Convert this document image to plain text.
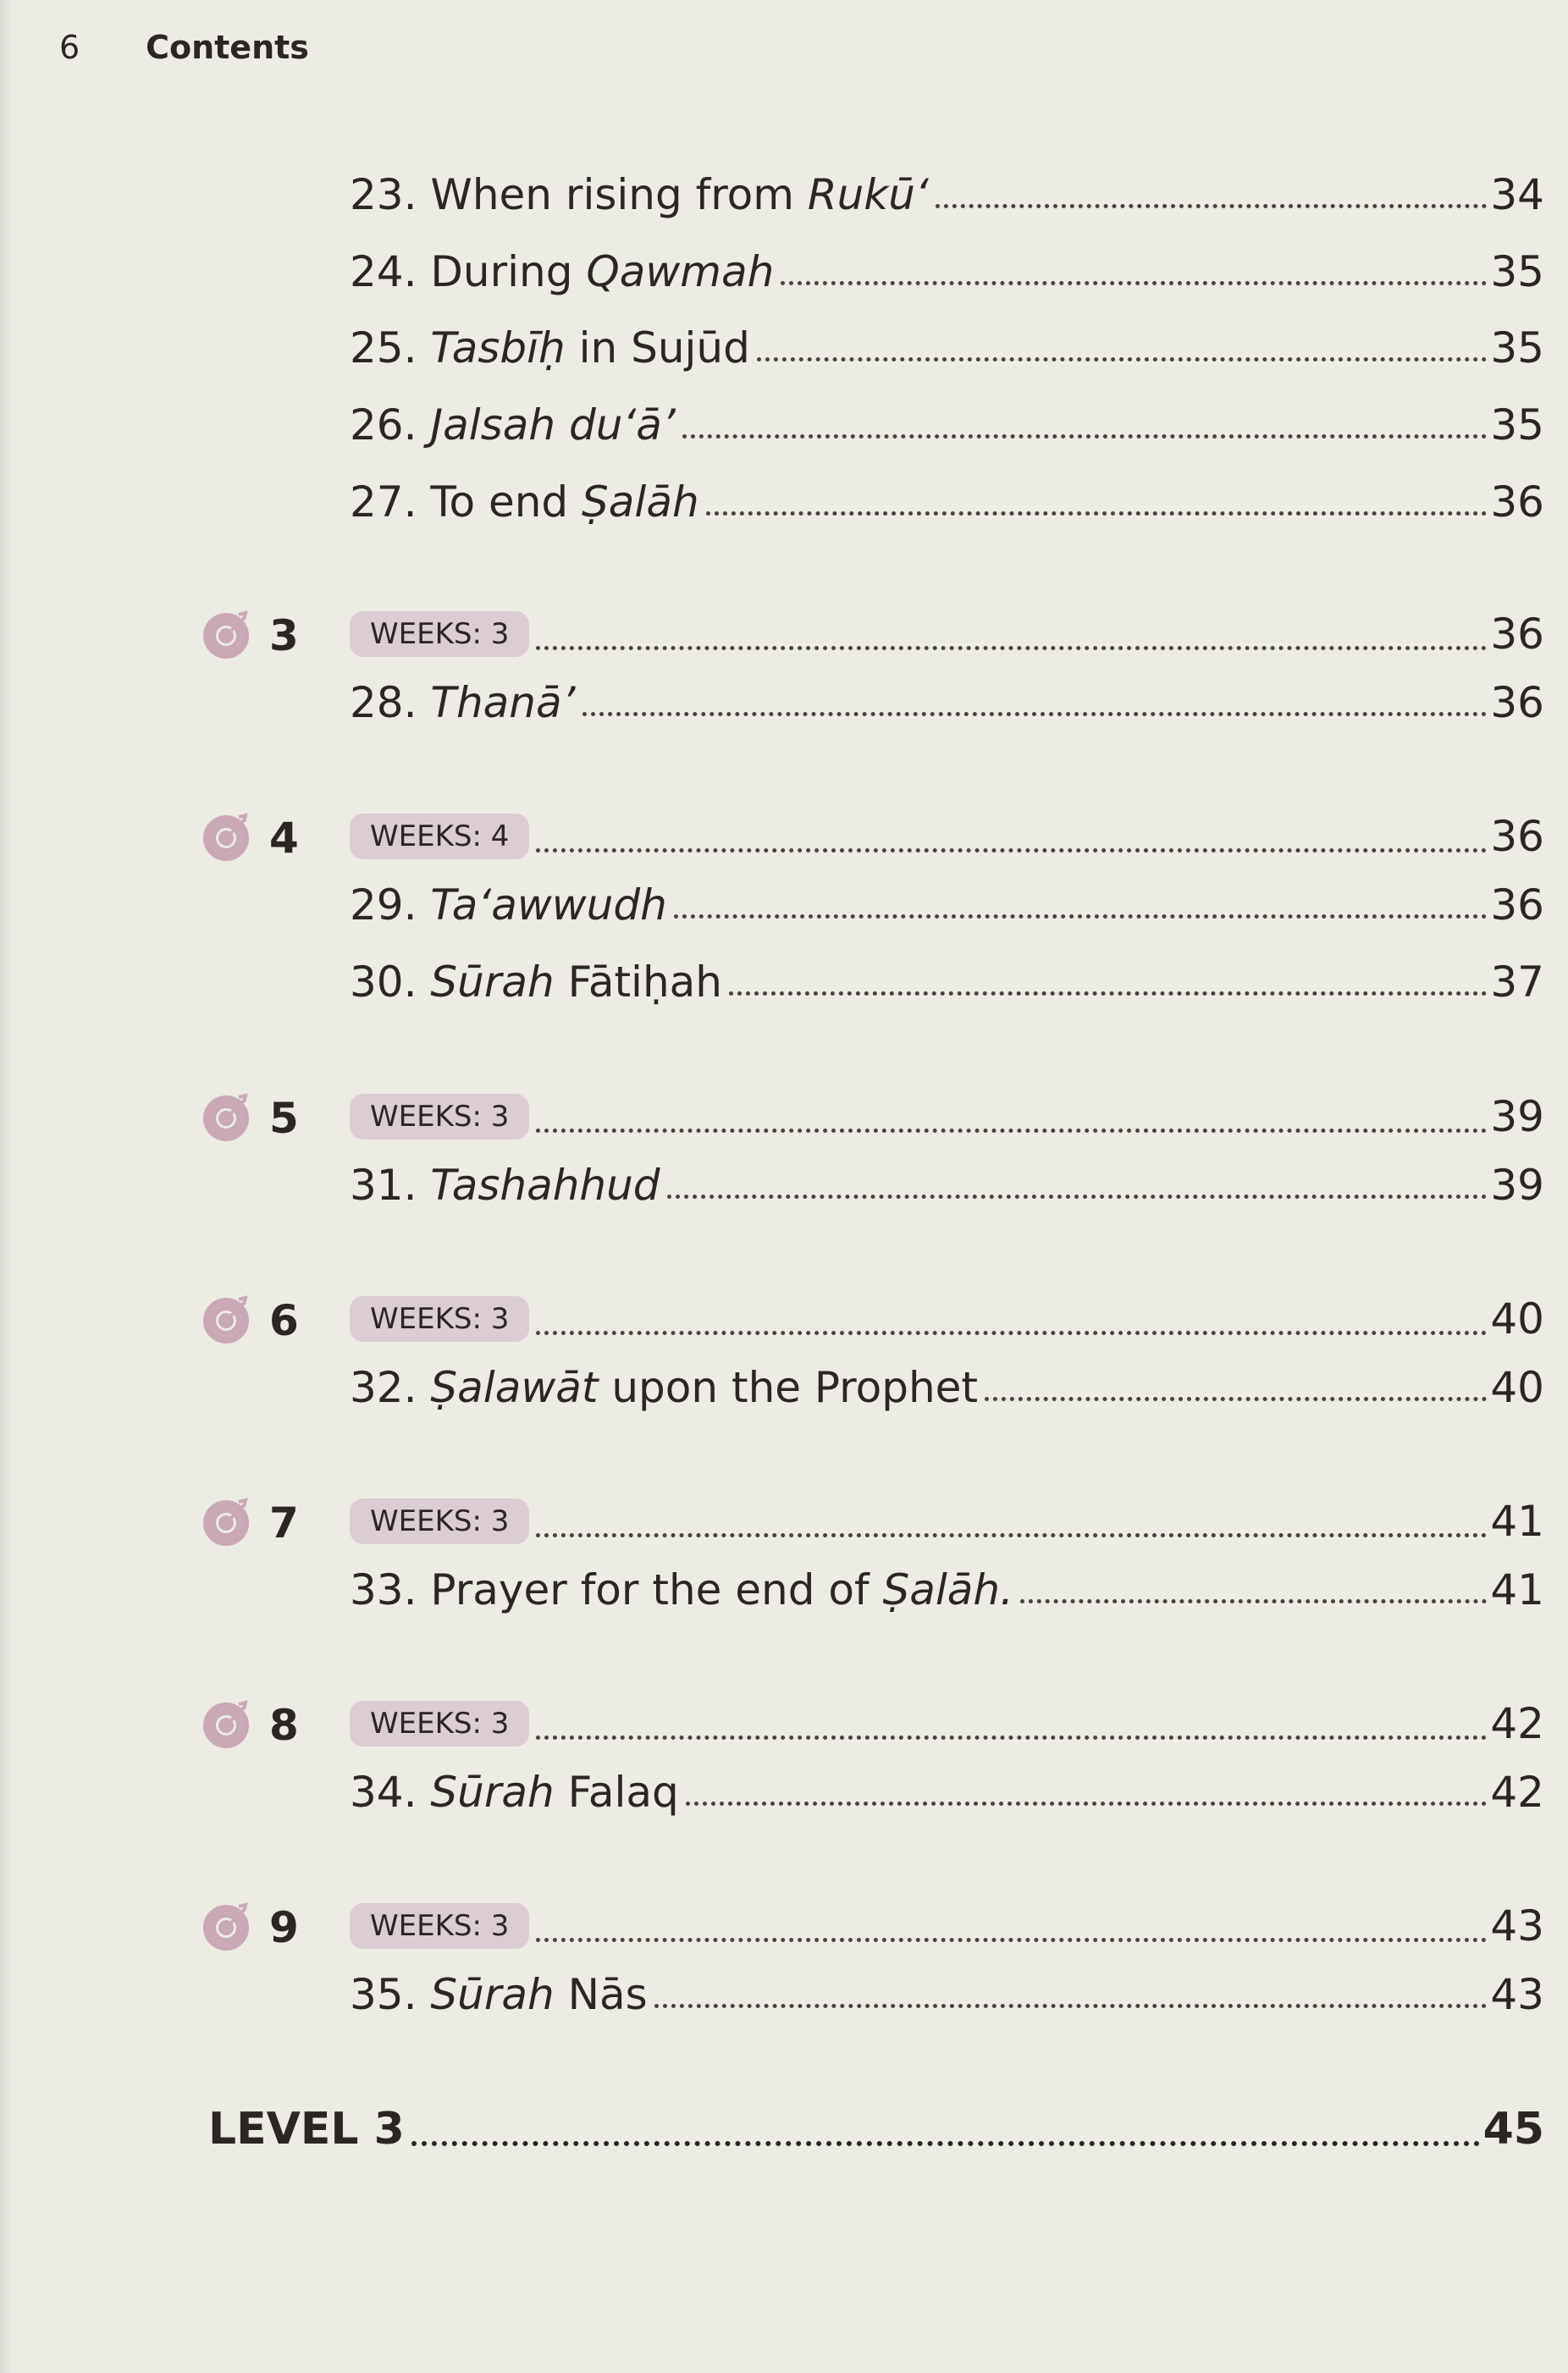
6 Contents
23. When rising from Rukū‘	34
24. During Qawmah	35
25. Tasbīḥ in Sujūd	35
26. Jalsah du‘ā’	35
27. To end Ṣalāh	36
3	WEEKS: 3	36
28. Thanā’	36
4	WEEKS: 4	36
29. Ta‘awwudh	36
30. Sūrah Fātiḥah	37
5	WEEKS: 3	39
31. Tashahhud	39
6	WEEKS: 3	40
32. Ṣalawāt upon the Prophet	40
7	WEEKS: 3	41
33. Prayer for the end of Ṣalāh.	41
8	WEEKS: 3	42
34. Sūrah Falaq	42
9	WEEKS: 3	43
35. Sūrah Nās	43
LEVEL 3	45
